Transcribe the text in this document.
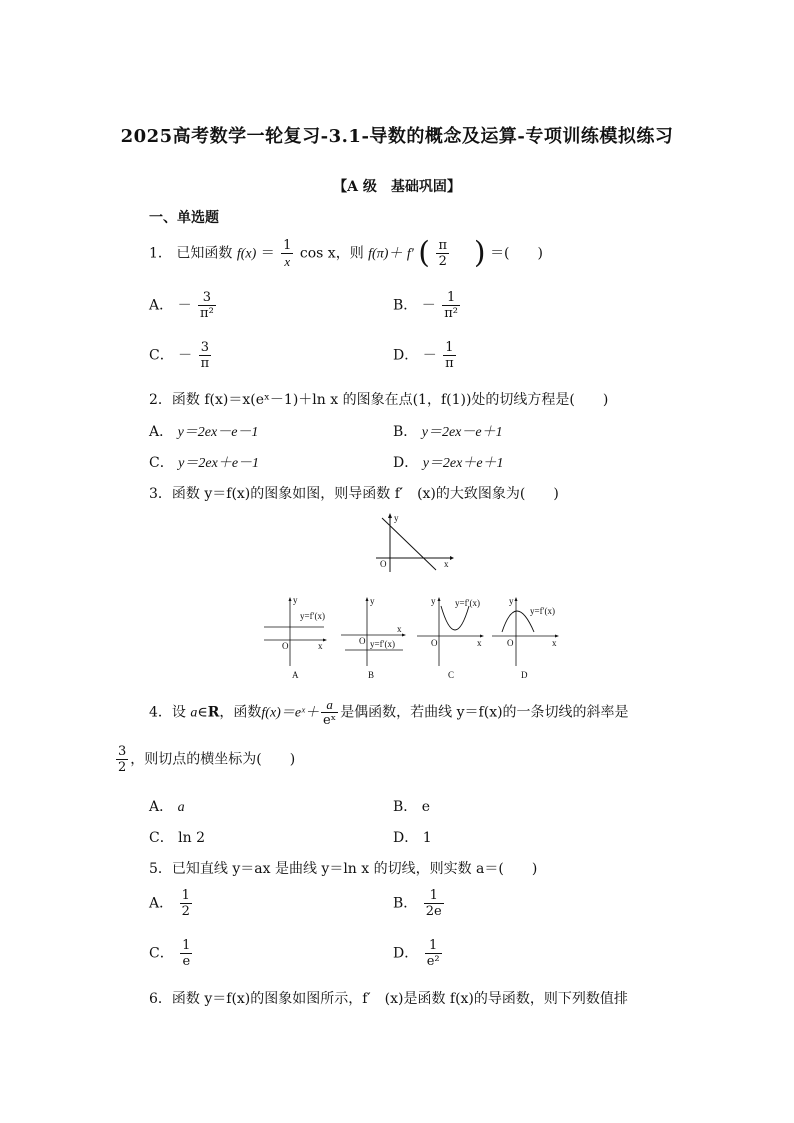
2025高考数学一轮复习-3.1-导数的概念及运算-专项训练模拟练习
【A 级　基础巩固】
一、单选题
1． 已知函数 $f(x) = \frac{1}{x}$ cos x，则 f(π)＋ f′ ( $\frac{\pi}{2}$ ) ＝(　　)
A． － $\frac{3}{\text{π²}}$	B． － $\frac{1}{\text{π²}}$
C． － $\frac{3}{\pi}$	D． － $\frac{1}{\pi}$
2．函数 f(x)＝x(eˣ－1)＋ln x 的图象在点(1，f(1))处的切线方程是(　　)
A． y＝2ex－e－1	B． y＝2ex－e＋1
C． y＝2ex＋e－1	D． y＝2ex＋e＋1
3．函数 y＝f(x)的图象如图，则导函数 f′　(x)的大致图象为(　　)
y
x
O
y
y=f′(x)
O	x
A
y
y=f′(x)
O
x
B
y y=f′(x)
O	x
C
y
y=f′(x)
O	x
D
4．设 a∈R，函数f(x)＝eˣ＋ $\frac{a}{\text{eˣ}}$ 是偶函数，若曲线 y＝f(x)的一条切线的斜率是
$\frac{3}{2}$ ，则切点的横坐标为(　　)
A． a	B． e
C． ln 2	D． 1
5．已知直线 y＝ax 是曲线 y＝ln x 的切线，则实数 a＝(　　)
A． $\frac{1}{2}$	B． $\frac{1}{2e}$
C． $\frac{1}{e}$	D． $\frac{1}{\text{e²}}$
6．函数 y＝f(x)的图象如图所示，f′　(x)是函数 f(x)的导函数，则下列数值排
